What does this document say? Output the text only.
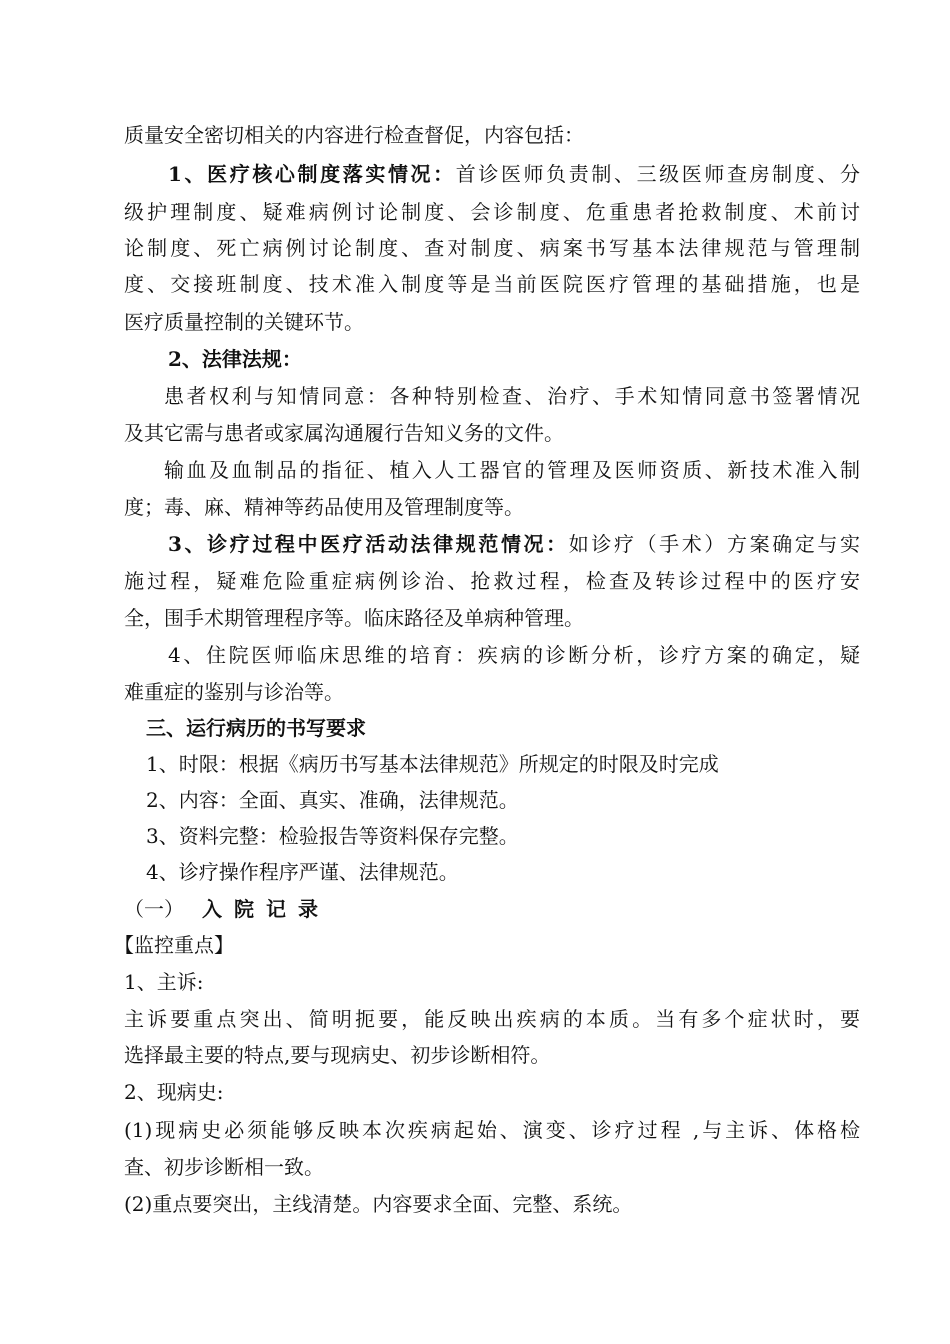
质量安全密切相关的内容进行检查督促，内容包括：
1、医疗核心制度落实情况：首诊医师负责制、三级医师查房制度、分
级护理制度、疑难病例讨论制度、会诊制度、危重患者抢救制度、术前讨
论制度、死亡病例讨论制度、查对制度、病案书写基本法律规范与管理制
度、交接班制度、技术准入制度等是当前医院医疗管理的基础措施，也是
医疗质量控制的关键环节。
2、法律法规：
患者权利与知情同意：各种特别检查、治疗、手术知情同意书签署情况
及其它需与患者或家属沟通履行告知义务的文件。
输血及血制品的指征、植入人工器官的管理及医师资质、新技术准入制
度；毒、麻、精神等药品使用及管理制度等。
3、诊疗过程中医疗活动法律规范情况：如诊疗（手术）方案确定与实
施过程，疑难危险重症病例诊治、抢救过程，检查及转诊过程中的医疗安
全，围手术期管理程序等。临床路径及单病种管理。
4、住院医师临床思维的培育：疾病的诊断分析，诊疗方案的确定，疑
难重症的鉴别与诊治等。
三、运行病历的书写要求
1、时限：根据《病历书写基本法律规范》所规定的时限及时完成
2、内容：全面、真实、准确，法律规范。
3、资料完整：检验报告等资料保存完整。
4、诊疗操作程序严谨、法律规范。
（一） 入院记录
【监控重点】
1、主诉:
主诉要重点突出、简明扼要，能反映出疾病的本质。当有多个症状时，要
选择最主要的特点,要与现病史、初步诊断相符。
2、现病史:
(1)现病史必须能够反映本次疾病起始、演变、诊疗过程 ,与主诉、体格检
查、初步诊断相一致。
(2)重点要突出，主线清楚。内容要求全面、完整、系统。
